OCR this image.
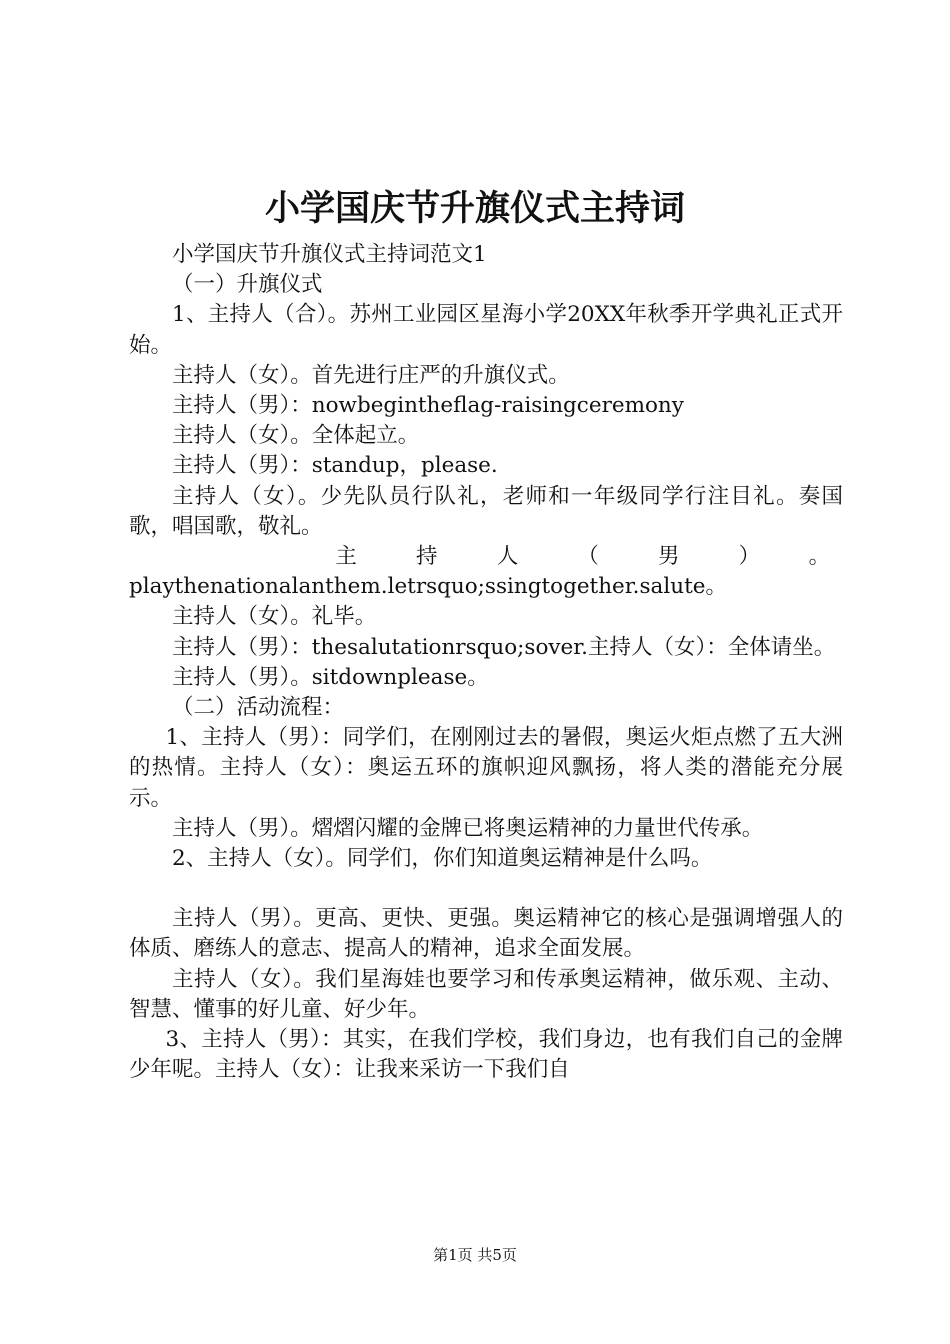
小学国庆节升旗仪式主持词

小学国庆节升旗仪式主持词范文1

（一）升旗仪式

1、主持人（合）。苏州工业园区星海小学20XX年秋季开学典礼正式开始。

主持人（女）。首先进行庄严的升旗仪式。

主持人（男）：nowbegintheflag-raisingceremony

主持人（女）。全体起立。

主持人（男）：standup，please.

主持人（女）。少先队员行队礼，老师和一年级同学行注目礼。奏国歌，唱国歌，敬礼。

主持人（男）。

playthenationalanthem.letrsquo;ssingtogether.salute。

主持人（女）。礼毕。

主持人（男）：thesalutationrsquo;sover.主持人（女）：全体请坐。

主持人（男）。sitdownplease。

（二）活动流程：

1、主持人（男）：同学们，在刚刚过去的暑假，奥运火炬点燃了五大洲的热情。主持人（女）：奥运五环的旗帜迎风飘扬，将人类的潜能充分展示。

主持人（男）。熠熠闪耀的金牌已将奥运精神的力量世代传承。

2、主持人（女）。同学们，你们知道奥运精神是什么吗。

主持人（男）。更高、更快、更强。奥运精神它的核心是强调增强人的体质、磨练人的意志、提高人的精神，追求全面发展。

主持人（女）。我们星海娃也要学习和传承奥运精神，做乐观、主动、智慧、懂事的好儿童、好少年。

3、主持人（男）：其实，在我们学校，我们身边，也有我们自己的金牌少年呢。主持人（女）：让我来采访一下我们自

第1页 共5页
